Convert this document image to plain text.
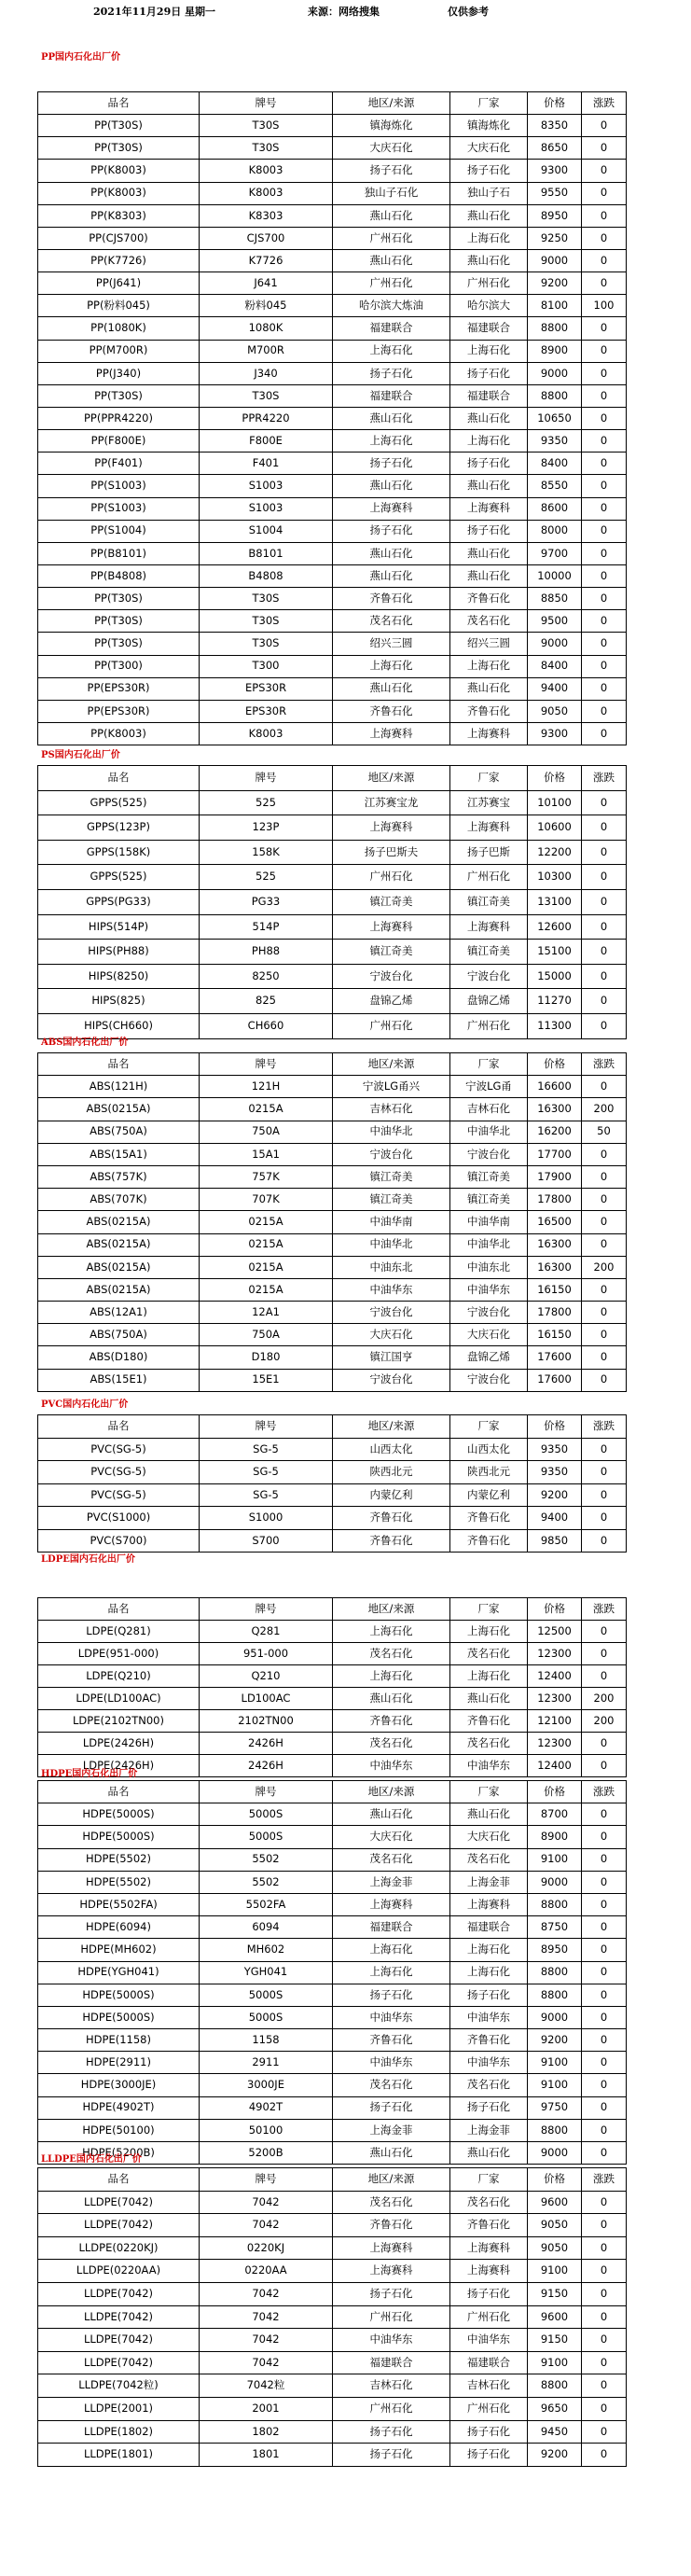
2021年11月29日 星期一	来源：网络搜集	仅供参考
PP国内石化出厂价
品名	牌号	地区/来源	厂家	价格	涨跌
PP(T30S)	T30S	镇海炼化	镇海炼化	8350	0
PP(T30S)	T30S	大庆石化	大庆石化	8650	0
PP(K8003)	K8003	扬子石化	扬子石化	9300	0
PP(K8003)	K8003	独山子石化	独山子石	9550	0
PP(K8303)	K8303	燕山石化	燕山石化	8950	0
PP(CJS700)	CJS700	广州石化	上海石化	9250	0
PP(K7726)	K7726	燕山石化	燕山石化	9000	0
PP(J641)	J641	广州石化	广州石化	9200	0
PP(粉料045)	粉料045	哈尔滨大炼油	哈尔滨大	8100	100
PP(1080K)	1080K	福建联合	福建联合	8800	0
PP(M700R)	M700R	上海石化	上海石化	8900	0
PP(J340)	J340	扬子石化	扬子石化	9000	0
PP(T30S)	T30S	福建联合	福建联合	8800	0
PP(PPR4220)	PPR4220	燕山石化	燕山石化	10650	0
PP(F800E)	F800E	上海石化	上海石化	9350	0
PP(F401)	F401	扬子石化	扬子石化	8400	0
PP(S1003)	S1003	燕山石化	燕山石化	8550	0
PP(S1003)	S1003	上海赛科	上海赛科	8600	0
PP(S1004)	S1004	扬子石化	扬子石化	8000	0
PP(B8101)	B8101	燕山石化	燕山石化	9700	0
PP(B4808)	B4808	燕山石化	燕山石化	10000	0
PP(T30S)	T30S	齐鲁石化	齐鲁石化	8850	0
PP(T30S)	T30S	茂名石化	茂名石化	9500	0
PP(T30S)	T30S	绍兴三圆	绍兴三圆	9000	0
PP(T300)	T300	上海石化	上海石化	8400	0
PP(EPS30R)	EPS30R	燕山石化	燕山石化	9400	0
PP(EPS30R)	EPS30R	齐鲁石化	齐鲁石化	9050	0
PP(K8003)	K8003	上海赛科	上海赛科	9300	0
PS国内石化出厂价
品名	牌号	地区/来源	厂家	价格	涨跌
GPPS(525)	525	江苏赛宝龙	江苏赛宝	10100	0
GPPS(123P)	123P	上海赛科	上海赛科	10600	0
GPPS(158K)	158K	扬子巴斯夫	扬子巴斯	12200	0
GPPS(525)	525	广州石化	广州石化	10300	0
GPPS(PG33)	PG33	镇江奇美	镇江奇美	13100	0
HIPS(514P)	514P	上海赛科	上海赛科	12600	0
HIPS(PH88)	PH88	镇江奇美	镇江奇美	15100	0
HIPS(8250)	8250	宁波台化	宁波台化	15000	0
HIPS(825)	825	盘锦乙烯	盘锦乙烯	11270	0
HIPS(CH660)	CH660	广州石化	广州石化	11300	0
ABS国内石化出厂价
品名	牌号	地区/来源	厂家	价格	涨跌
ABS(121H)	121H	宁波LG甬兴	宁波LG甬	16600	0
ABS(0215A)	0215A	吉林石化	吉林石化	16300	200
ABS(750A)	750A	中油华北	中油华北	16200	50
ABS(15A1)	15A1	宁波台化	宁波台化	17700	0
ABS(757K)	757K	镇江奇美	镇江奇美	17900	0
ABS(707K)	707K	镇江奇美	镇江奇美	17800	0
ABS(0215A)	0215A	中油华南	中油华南	16500	0
ABS(0215A)	0215A	中油华北	中油华北	16300	0
ABS(0215A)	0215A	中油东北	中油东北	16300	200
ABS(0215A)	0215A	中油华东	中油华东	16150	0
ABS(12A1)	12A1	宁波台化	宁波台化	17800	0
ABS(750A)	750A	大庆石化	大庆石化	16150	0
ABS(D180)	D180	镇江国亨	盘锦乙烯	17600	0
ABS(15E1)	15E1	宁波台化	宁波台化	17600	0
PVC国内石化出厂价
品名	牌号	地区/来源	厂家	价格	涨跌
PVC(SG-5)	SG-5	山西太化	山西太化	9350	0
PVC(SG-5)	SG-5	陕西北元	陕西北元	9350	0
PVC(SG-5)	SG-5	内蒙亿利	内蒙亿利	9200	0
PVC(S1000)	S1000	齐鲁石化	齐鲁石化	9400	0
PVC(S700)	S700	齐鲁石化	齐鲁石化	9850	0
LDPE国内石化出厂价
品名	牌号	地区/来源	厂家	价格	涨跌
LDPE(Q281)	Q281	上海石化	上海石化	12500	0
LDPE(951-000)	951-000	茂名石化	茂名石化	12300	0
LDPE(Q210)	Q210	上海石化	上海石化	12400	0
LDPE(LD100AC)	LD100AC	燕山石化	燕山石化	12300	200
LDPE(2102TN00)	2102TN00	齐鲁石化	齐鲁石化	12100	200
LDPE(2426H)	2426H	茂名石化	茂名石化	12300	0
LDPE(2426H)	2426H	中油华东	中油华东	12400	0
HDPE国内石化出厂价
品名	牌号	地区/来源	厂家	价格	涨跌
HDPE(5000S)	5000S	燕山石化	燕山石化	8700	0
HDPE(5000S)	5000S	大庆石化	大庆石化	8900	0
HDPE(5502)	5502	茂名石化	茂名石化	9100	0
HDPE(5502)	5502	上海金菲	上海金菲	9000	0
HDPE(5502FA)	5502FA	上海赛科	上海赛科	8800	0
HDPE(6094)	6094	福建联合	福建联合	8750	0
HDPE(MH602)	MH602	上海石化	上海石化	8950	0
HDPE(YGH041)	YGH041	上海石化	上海石化	8800	0
HDPE(5000S)	5000S	扬子石化	扬子石化	8800	0
HDPE(5000S)	5000S	中油华东	中油华东	9000	0
HDPE(1158)	1158	齐鲁石化	齐鲁石化	9200	0
HDPE(2911)	2911	中油华东	中油华东	9100	0
HDPE(3000JE)	3000JE	茂名石化	茂名石化	9100	0
HDPE(4902T)	4902T	扬子石化	扬子石化	9750	0
HDPE(50100)	50100	上海金菲	上海金菲	8800	0
HDPE(5200B)	5200B	燕山石化	燕山石化	9000	0
LLDPE国内石化出厂价
品名	牌号	地区/来源	厂家	价格	涨跌
LLDPE(7042)	7042	茂名石化	茂名石化	9600	0
LLDPE(7042)	7042	齐鲁石化	齐鲁石化	9050	0
LLDPE(0220KJ)	0220KJ	上海赛科	上海赛科	9050	0
LLDPE(0220AA)	0220AA	上海赛科	上海赛科	9100	0
LLDPE(7042)	7042	扬子石化	扬子石化	9150	0
LLDPE(7042)	7042	广州石化	广州石化	9600	0
LLDPE(7042)	7042	中油华东	中油华东	9150	0
LLDPE(7042)	7042	福建联合	福建联合	9100	0
LLDPE(7042粒)	7042粒	吉林石化	吉林石化	8800	0
LLDPE(2001)	2001	广州石化	广州石化	9650	0
LLDPE(1802)	1802	扬子石化	扬子石化	9450	0
LLDPE(1801)	1801	扬子石化	扬子石化	9200	0
